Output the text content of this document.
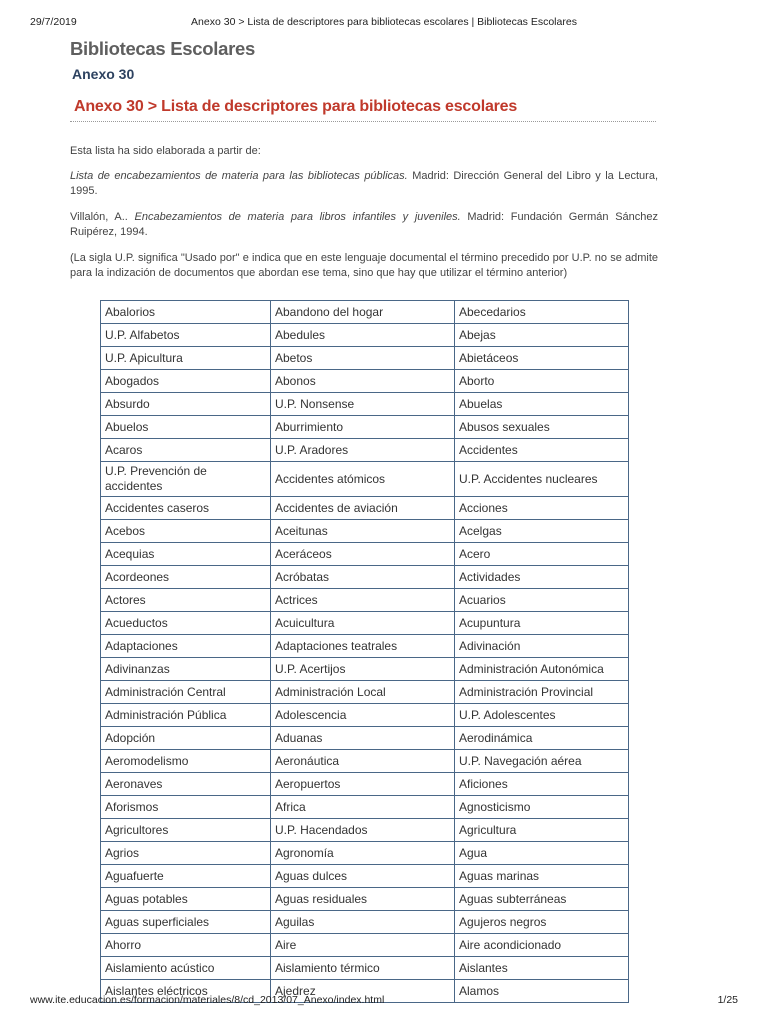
29/7/2019	Anexo 30 > Lista de descriptores para bibliotecas escolares | Bibliotecas Escolares
Bibliotecas Escolares
Anexo 30
Anexo 30 > Lista de descriptores para bibliotecas escolares

Esta lista ha sido elaborada a partir de:

Lista de encabezamientos de materia para las bibliotecas públicas. Madrid: Dirección General del Libro y la Lectura, 1995.

Villalón, A.. Encabezamientos de materia para libros infantiles y juveniles. Madrid: Fundación Germán Sánchez Ruipérez, 1994.

(La sigla U.P. significa "Usado por" e indica que en este lenguaje documental el término precedido por U.P. no se admite para la indización de documentos que abordan ese tema, sino que hay que utilizar el término anterior)

Abalorios	Abandono del hogar	Abecedarios
U.P. Alfabetos	Abedules	Abejas
U.P. Apicultura	Abetos	Abietáceos
Abogados	Abonos	Aborto
Absurdo	U.P. Nonsense	Abuelas
Abuelos	Aburrimiento	Abusos sexuales
Acaros	U.P. Aradores	Accidentes
U.P. Prevención de accidentes	Accidentes atómicos	U.P. Accidentes nucleares
Accidentes caseros	Accidentes de aviación	Acciones
Acebos	Aceitunas	Acelgas
Acequias	Aceráceos	Acero
Acordeones	Acróbatas	Actividades
Actores	Actrices	Acuarios
Acueductos	Acuicultura	Acupuntura
Adaptaciones	Adaptaciones teatrales	Adivinación
Adivinanzas	U.P. Acertijos	Administración Autonómica
Administración Central	Administración Local	Administración Provincial
Administración Pública	Adolescencia	U.P. Adolescentes
Adopción	Aduanas	Aerodinámica
Aeromodelismo	Aeronáutica	U.P. Navegación aérea
Aeronaves	Aeropuertos	Aficiones
Aforismos	Africa	Agnosticismo
Agricultores	U.P. Hacendados	Agricultura
Agrios	Agronomía	Agua
Aguafuerte	Aguas dulces	Aguas marinas
Aguas potables	Aguas residuales	Aguas subterráneas
Aguas superficiales	Aguilas	Agujeros negros
Ahorro	Aire	Aire acondicionado
Aislamiento acústico	Aislamiento térmico	Aislantes
Aislantes eléctricos	Ajedrez	Alamos
www.ite.educacion.es/formacion/materiales/8/cd_2013/07_Anexo/index.html	1/25
